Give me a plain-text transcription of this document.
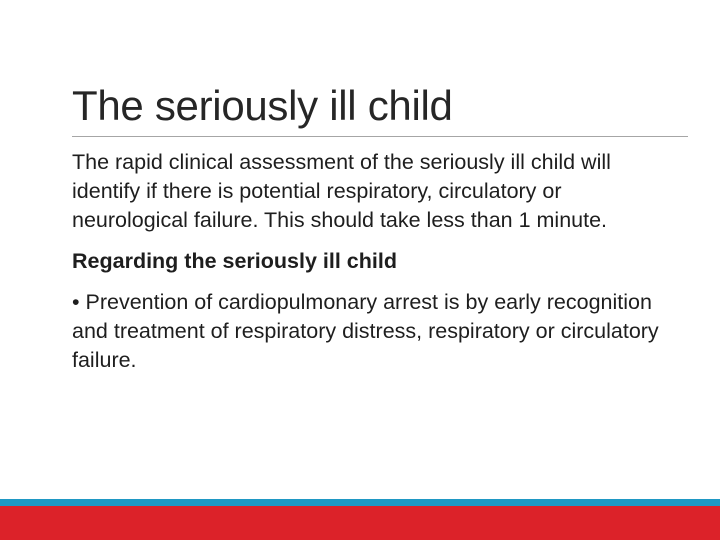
The seriously ill child

The rapid clinical assessment of the seriously ill child will identify if there is potential respiratory, circulatory or neurological failure. This should take less than 1 minute.

Regarding the seriously ill child

• Prevention of cardiopulmonary arrest is by early recognition and treatment of respiratory distress, respiratory or circulatory failure.
